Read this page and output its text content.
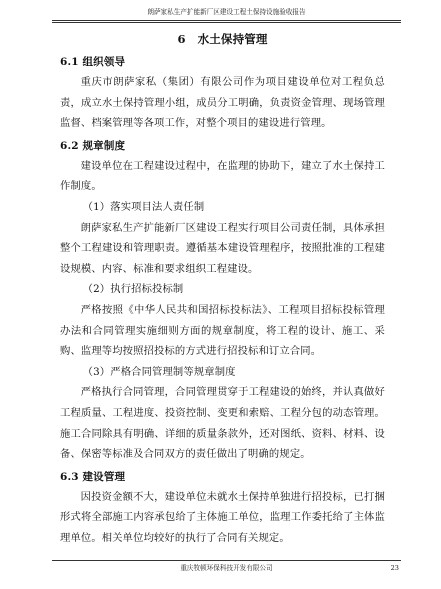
朗萨家私生产扩能新厂区建设工程土保持设施验收报告
6 水土保持管理
6.1 组织领导

重庆市朗萨家私（集团）有限公司作为项目建设单位对工程负总责，成立水土保持管理小组，成员分工明确，负责资金管理、现场管理监督、档案管理等各项工作，对整个项目的建设进行管理。

6.2 规章制度

建设单位在工程建设过程中，在监理的协助下，建立了水土保持工作制度。

（1）落实项目法人责任制

朗萨家私生产扩能新厂区建设工程实行项目公司责任制，具体承担整个工程建设和管理职责。遵循基本建设管理程序，按照批准的工程建设规模、内容、标准和要求组织工程建设。

（2）执行招标投标制

严格按照《中华人民共和国招标投标法》、工程项目招标投标管理办法和合同管理实施细则方面的规章制度，将工程的设计、施工、采购、监理等均按照招投标的方式进行招投标和订立合同。

（3）严格合同管理制等规章制度

严格执行合同管理，合同管理贯穿于工程建设的始终，并认真做好工程质量、工程进度、投资控制、变更和索赔、工程分包的动态管理。施工合同除具有明确、详细的质量条款外，还对图纸、资料、材料、设备、保密等标准及合同双方的责任做出了明确的规定。

6.3 建设管理

因投资金额不大，建设单位未就水土保持单独进行招投标，已打捆形式将全部施工内容承包给了主体施工单位，监理工作委托给了主体监理单位。相关单位均较好的执行了合同有关规定。

重庆牧顿环保科技开发有限公司	23
